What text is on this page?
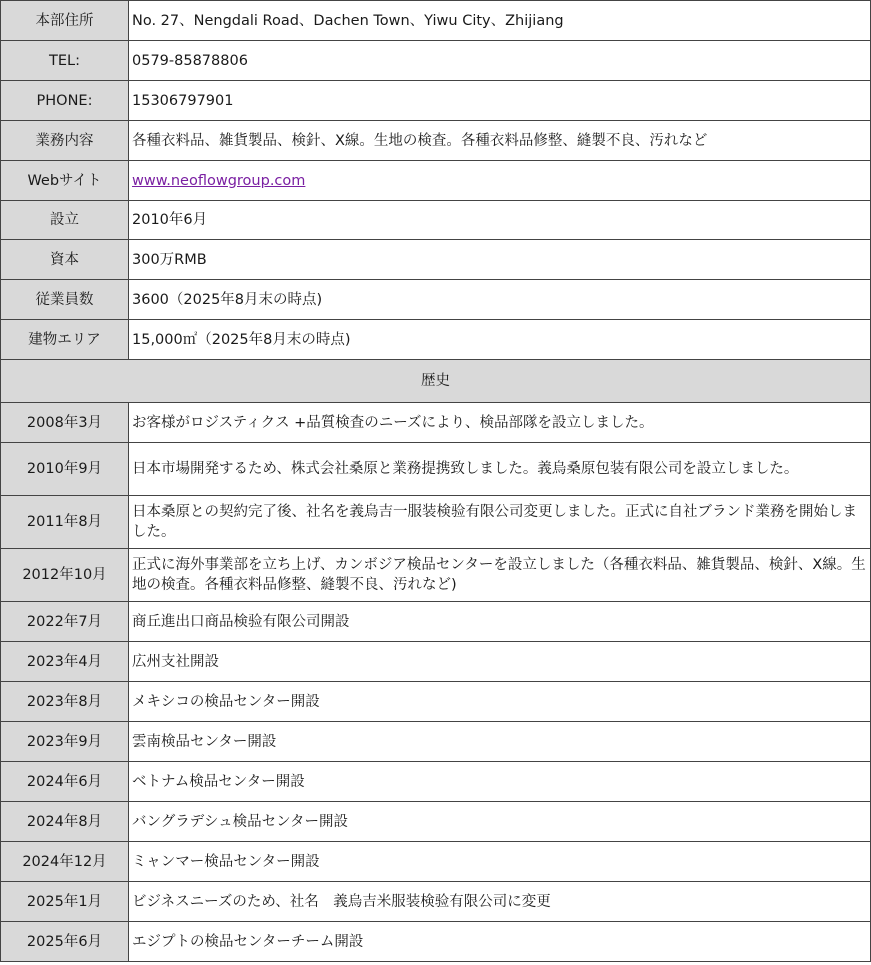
本部住所	No. 27、Nengdali Road、Dachen Town、Yiwu City、Zhijiang
TEL:	0579-85878806
PHONE:	15306797901
業務内容	各種衣料品、雑貨製品、検針、X線。生地の検査。各種衣料品修整、縫製不良、汚れなど
Webサイト	www.neoflowgroup.com
設立	2010年6月
資本	300万RMB
従業員数	3600（2025年8月末の時点)
建物エリア	15,000㎡（2025年8月末の時点)
歴史	
2008年3月	お客様がロジスティクス +品質検査のニーズにより、検品部隊を設立しました。
2010年9月	日本市場開発するため、株式会社桑原と業務提携致しました。義烏桑原包装有限公司を設立しました。
2011年8月	日本桑原との契約完了後、社名を義烏吉一服装検验有限公司変更しました。正式に自社ブランド業務を開始しました。
2012年10月	正式に海外事業部を立ち上げ、カンボジア検品センターを設立しました（各種衣料品、雑貨製品、検針、X線。生地の検査。各種衣料品修整、縫製不良、汚れなど)
2022年7月	商丘進出口商品検验有限公司開設
2023年4月	広州支社開設
2023年8月	メキシコの検品センター開設
2023年9月	雲南検品センター開設
2024年6月	ベトナム検品センター開設
2024年8月	バングラデシュ検品センター開設
2024年12月	ミャンマー検品センター開設
2025年1月	ビジネスニーズのため、社名　義烏吉米服装検验有限公司に変更
2025年6月	エジプトの検品センターチーム開設
